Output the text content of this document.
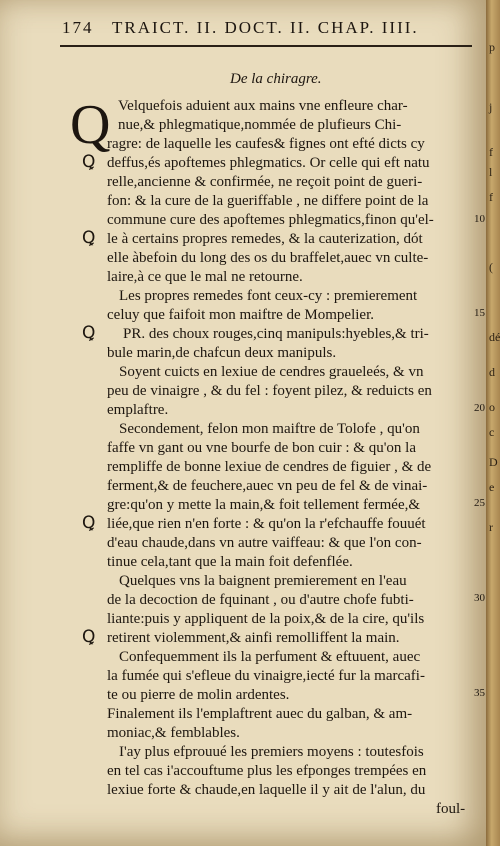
174 TRAICT. II. DOCT. II. CHAP. IIII.
De la chiragre.
Q Velquefois aduient aux mains vne enfleure char-
nue,& phlegmatique,nommée de plufieurs Chi-
ragre: de laquelle les caufes& fignes ont efté dicts cy
deffus,és apoftemes phlegmatics. Or celle qui eft natu
relle,ancienne & confirmée, ne reçoit point de gueri-
fon: & la cure de la gueriffable , ne differe point de la
commune cure des apoftemes phlegmatics,finon qu'el-
le à certains propres remedes, & la cauterization, dót
elle àbefoin du long des os du braffelet,auec vn culte-
laire,à ce que le mal ne retourne.
Les propres remedes font ceux-cy : premierement
celuy que faifoit mon maiftre de Mompelier.
PR. des choux rouges,cinq manipuls:hyebles,& tri-
bule marin,de chafcun deux manipuls.
Soyent cuicts en lexiue de cendres graueleés, & vn
peu de vinaigre , & du fel : foyent pilez, & reduicts en
emplaftre.
Secondement, felon mon maiftre de Tolofe , qu'on
faffe vn gant ou vne bourfe de bon cuir : & qu'on la
rempliffe de bonne lexiue de cendres de figuier , & de
ferment,& de feuchere,auec vn peu de fel & de vinai-
gre:qu'on y mette la main,& foit tellement fermée,&
liée,que rien n'en forte : & qu'on la r'efchauffe fouuét
d'eau chaude,dans vn autre vaiffeau: & que l'on con-
tinue cela,tant que la main foit defenflée.
Quelques vns la baignent premierement en l'eau
de la decoction de fquinant , ou d'autre chofe fubti-
liante:puis y appliquent de la poix,& de la cire, qu'ils
retirent violemment,& ainfi remolliffent la main.
Confequemment ils la perfument & eftuuent, auec
la fumée qui s'efleue du vinaigre,iecté fur la marcafi-
te ou pierre de molin ardentes.
Finalement ils l'emplaftrent auec du galban, & am-
moniac,& femblables.
I'ay plus efprouué les premiers moyens : toutesfois
en tel cas i'accouftume plus les efponges trempées en
lexiue forte & chaude,en laquelle il y ait de l'alun, du
foul-
10
15
20
25
30
35
Ꝗ
Ꝗ
Ꝗ
Ꝗ
Ꝗ
p
j
f
l
f
(
dé
d
o
c
D
e
r
